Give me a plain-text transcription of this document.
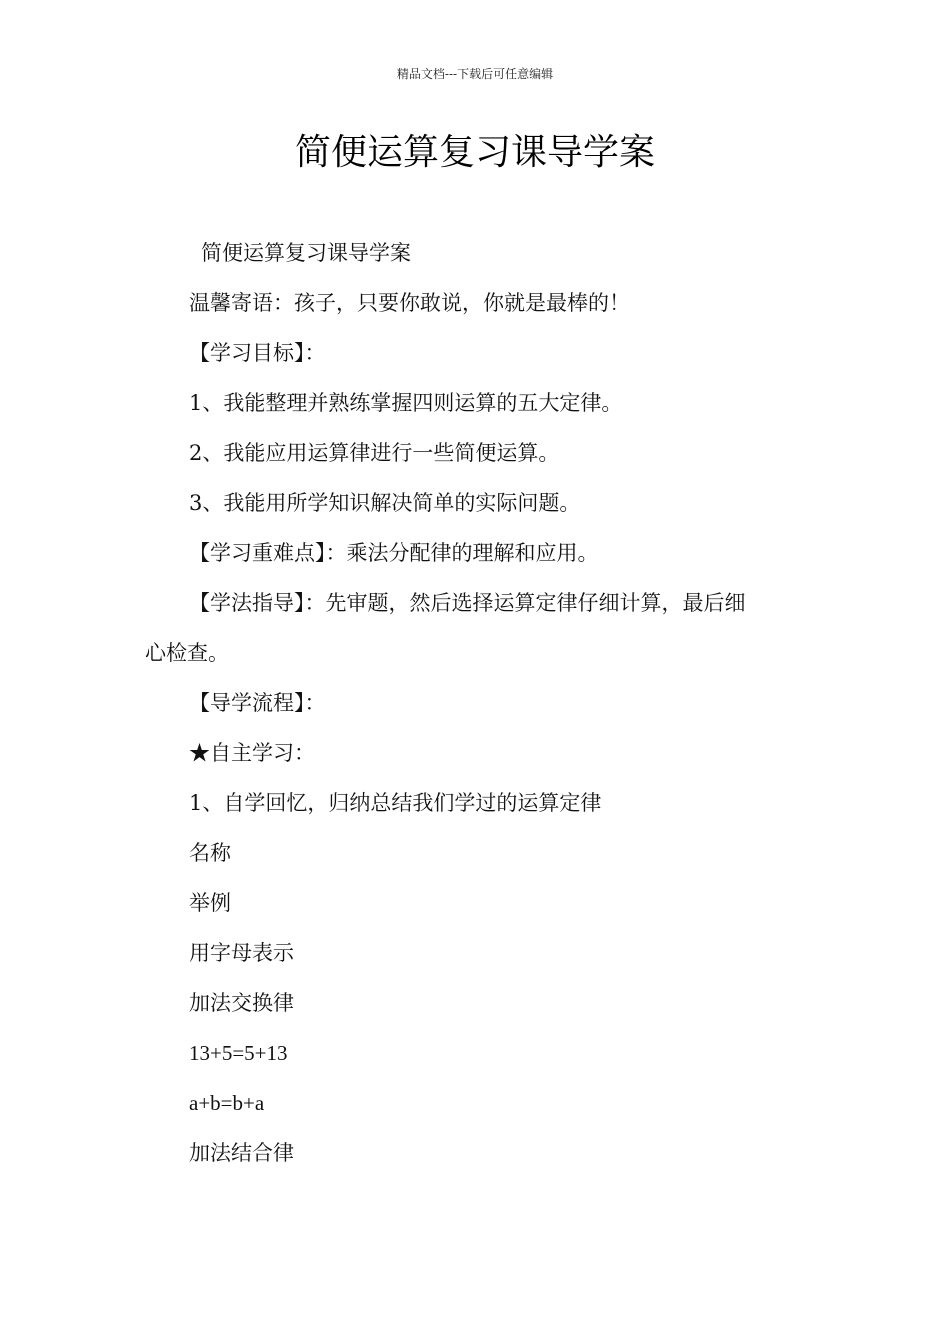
精品文档---下载后可任意编辑
简便运算复习课导学案
简便运算复习课导学案
温馨寄语：孩子，只要你敢说，你就是最棒的！
【学习目标】：
1、我能整理并熟练掌握四则运算的五大定律。
2、我能应用运算律进行一些简便运算。
3、我能用所学知识解决简单的实际问题。
【学习重难点】：乘法分配律的理解和应用。
【学法指导】：先审题，然后选择运算定律仔细计算，最后细
心检查。
【导学流程】：
★自主学习：
1、自学回忆，归纳总结我们学过的运算定律
名称
举例
用字母表示
加法交换律
13+5=5+13
a+b=b+a
加法结合律
